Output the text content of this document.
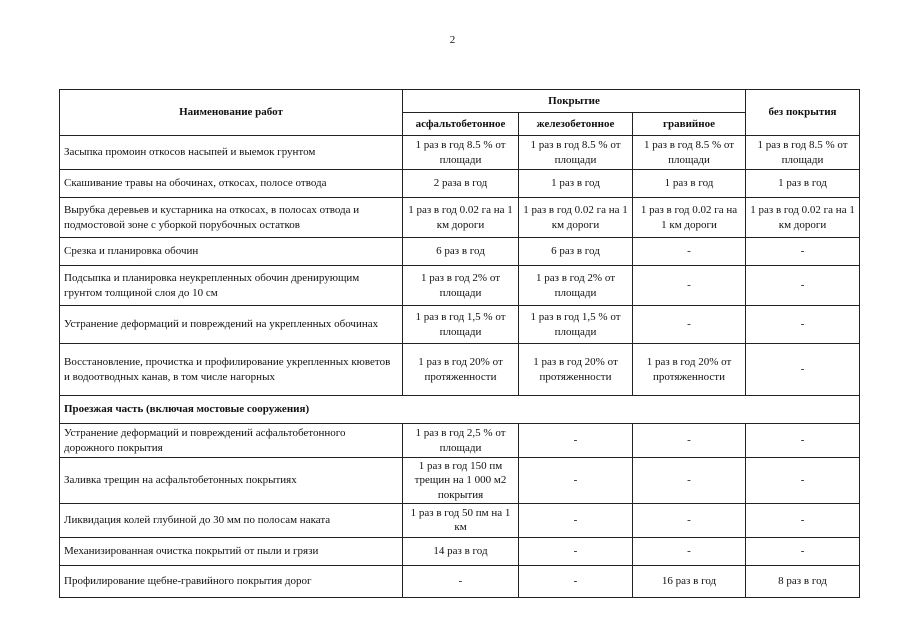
2
Наименование работ	Покрытие			без покрытия
	асфальтобетонное	железобетонное	гравийное	
Засыпка промоин откосов насыпей и выемок грунтом	1 раз в год 8.5 % от площади	1 раз в год 8.5 % от площади	1 раз в год 8.5 % от площади	1 раз в год 8.5 % от площади
Скашивание травы на обочинах, откосах, полосе отвода	2 раза в год	1 раз в год	1 раз в год	1 раз в год
Вырубка деревьев и кустарника на откосах, в полосах отвода и подмостовой зоне с уборкой порубочных остатков	1 раз в год 0.02 га на 1 км дороги	1 раз в год 0.02 га на 1 км дороги	1 раз в год 0.02 га на 1 км дороги	1 раз в год 0.02 га на 1 км дороги
Срезка и планировка обочин	6 раз в год	6 раз в год	-	-
Подсыпка и планировка неукрепленных обочин дренирующим грунтом толщиной слоя до 10 см	1 раз в год 2% от площади	1 раз в год 2% от площади	-	-
Устранение деформаций и повреждений на укрепленных обочинах	1 раз в год 1,5 % от площади	1 раз в год 1,5 % от площади	-	-
Восстановление, прочистка и профилирование укрепленных кюветов и водоотводных канав, в том числе нагорных	1 раз в год 20% от протяженности	1 раз в год 20% от протяженности	1 раз в год 20% от протяженности	-
Проезжая часть (включая мостовые сооружения)				
Устранение деформаций и повреждений асфальтобетонного дорожного покрытия	1 раз в год 2,5 % от площади	-	-	-
Заливка трещин на асфальтобетонных покрытиях	1 раз в год 150 пм трещин на 1 000 м2 покрытия	-	-	-
Ликвидация колей глубиной до 30 мм по полосам наката	1 раз в год 50 пм на 1 км	-	-	-
Механизированная очистка покрытий от пыли и грязи	14 раз в год	-	-	-
Профилирование щебне-гравийного покрытия дорог	-	-	16 раз в год	8 раз в год
